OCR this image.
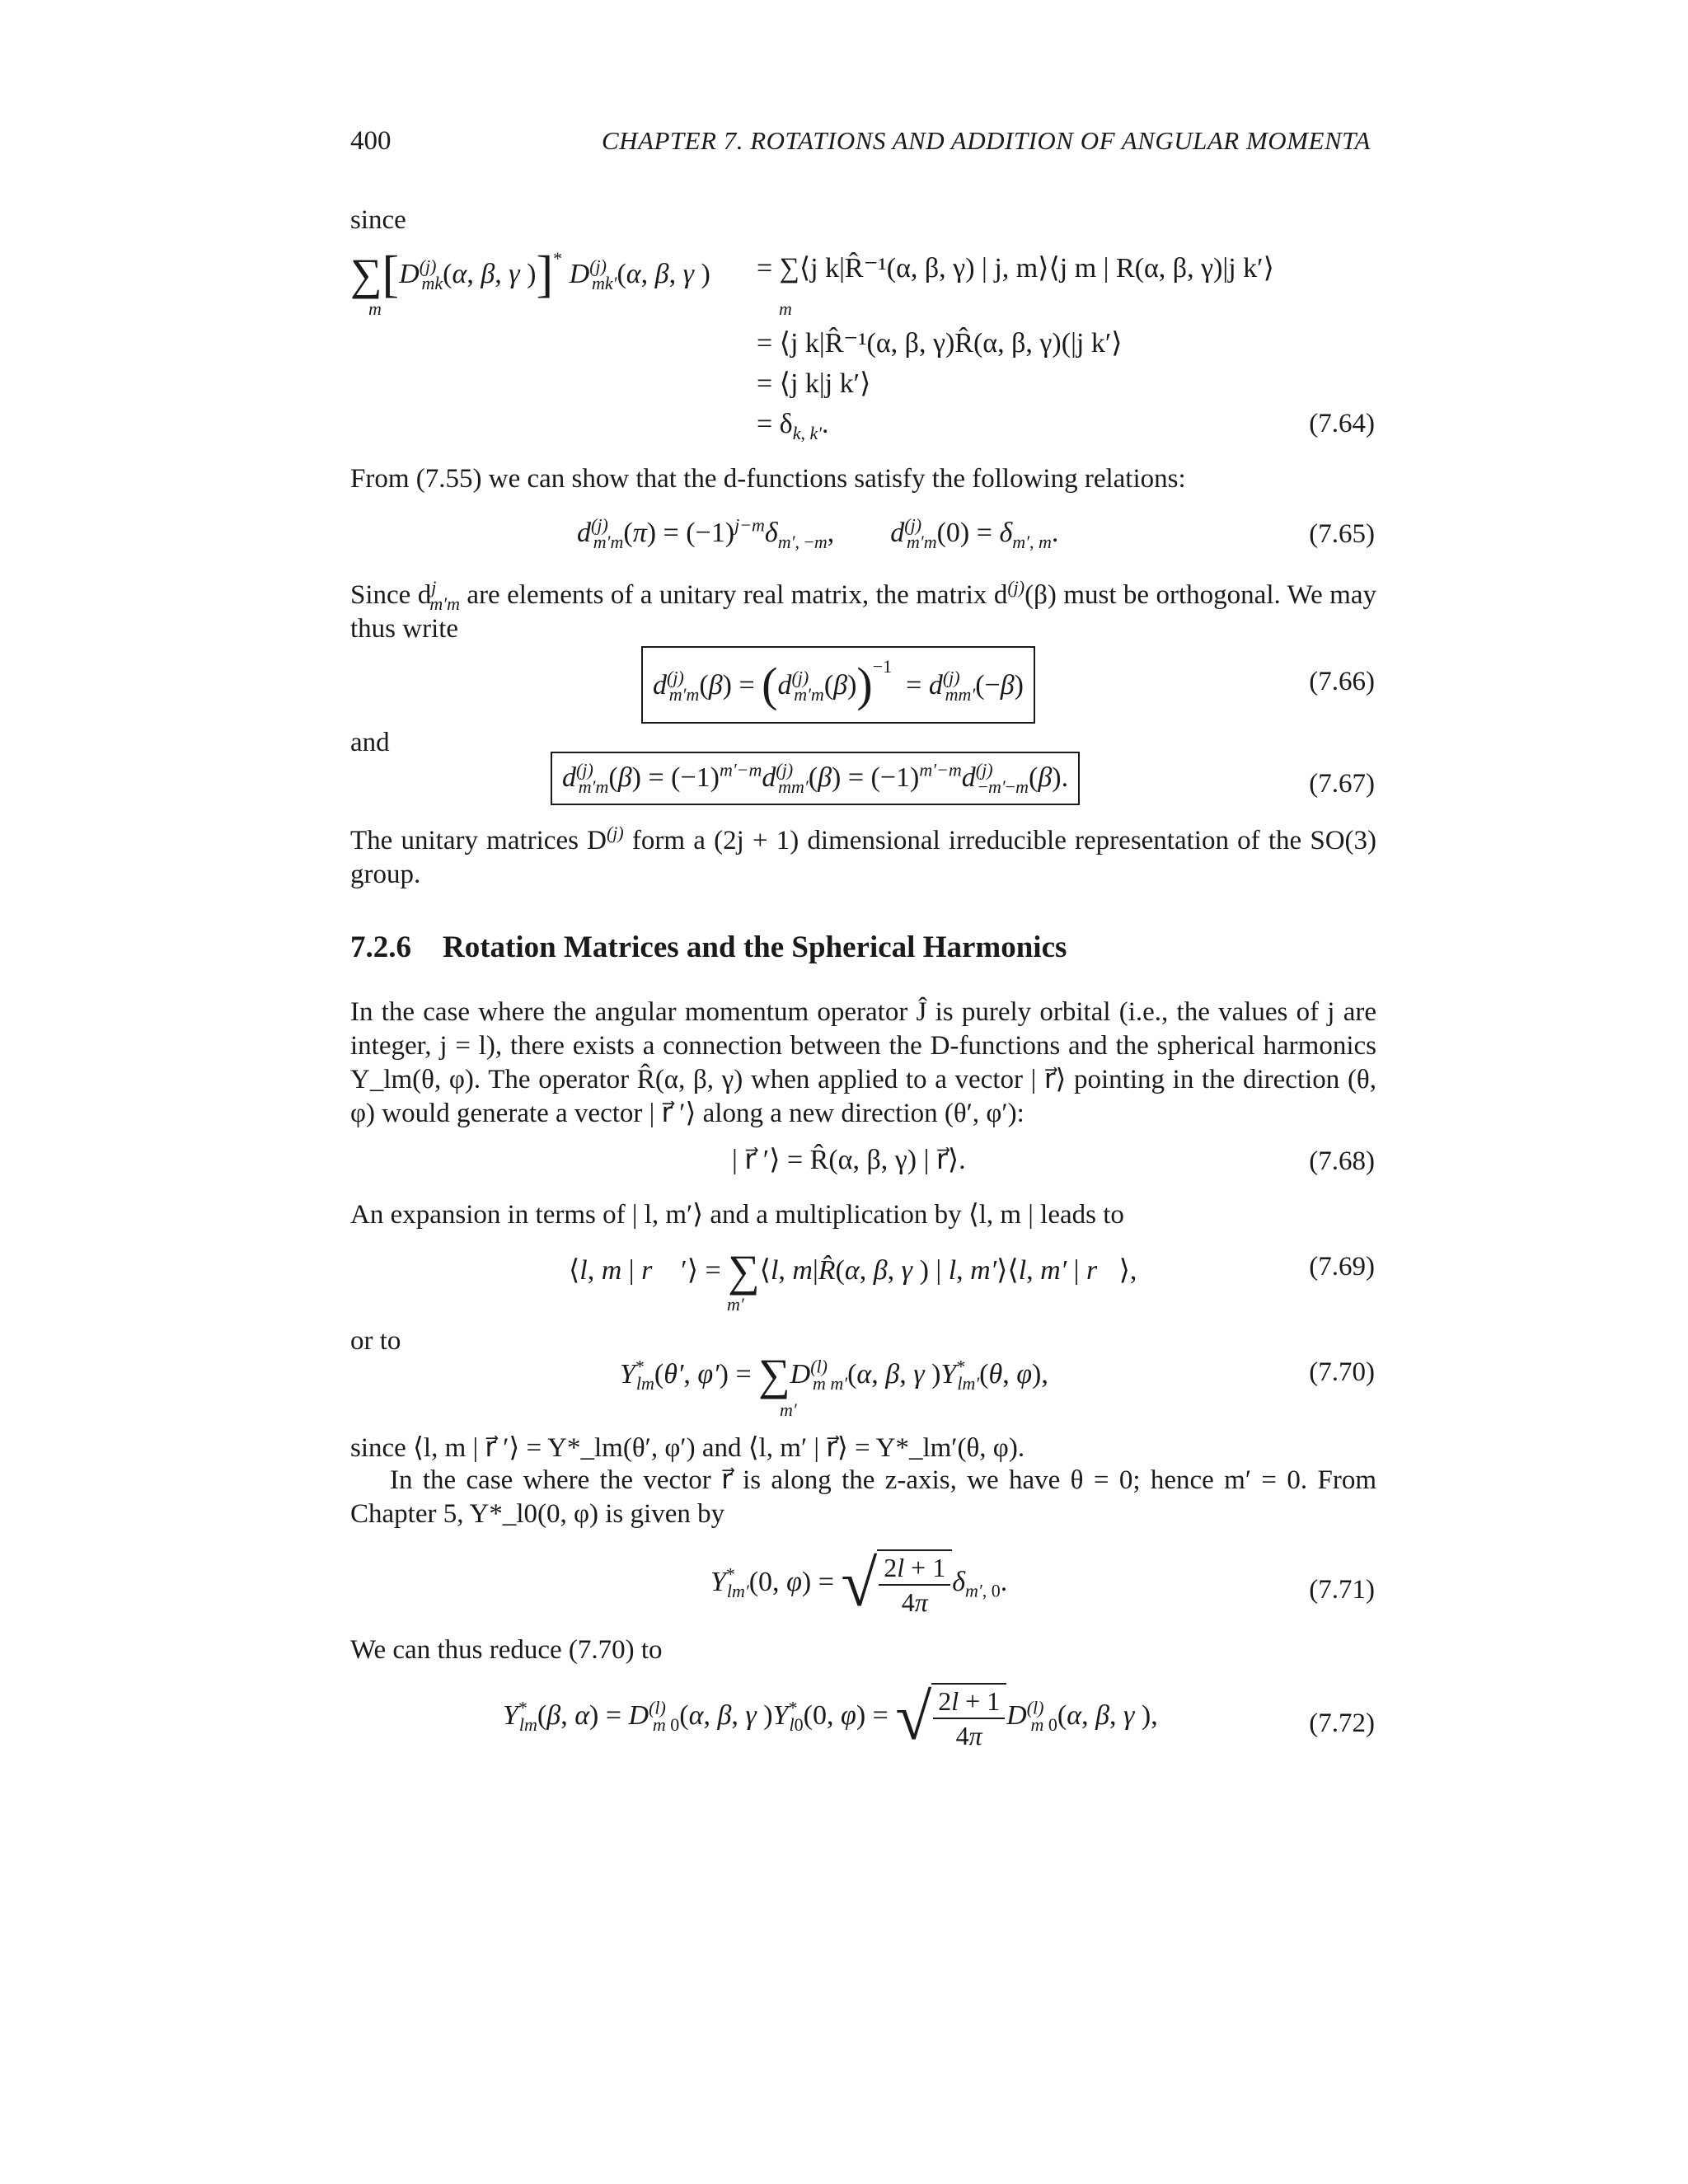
400	CHAPTER 7. ROTATIONS AND ADDITION OF ANGULAR MOMENTA
since
$\sum[D^{(j)}_{mk}(\alpha$, β, γ )]* $D^{(j)}_{mk'}(\alpha$, β, γ )
m
= ∑⟨j k|R̂⁻¹(α, β, γ) | j, m⟩⟨j m | R(α, β, γ)|j k′⟩
m
= ⟨j k|R̂⁻¹(α, β, γ)R̂(α, β, γ)(|j k′⟩
= ⟨j k|j k′⟩
= $\delta_{k, k'}$.	(7.64)
From (7.55) we can show that the d-functions satisfy the following relations:
$d^{(j)}_{m'm}(\pi) = (-1)^{j-m}\delta_{m', -m}$,        $d^{(j)}_{m'm}(0) = \delta_{m', m}$.	(7.65)
Since $d^j_{m'm}$ are elements of a unitary real matrix, the matrix $d^{(j)}(\beta)$ must be orthogonal. We may thus write
$d^{(j)}_{m'm}(\beta) = (d^{(j)}_{m'm}(\beta))^{-1} = d^{(j)}_{mm'}(-\beta)$	(7.66)
and
$d^{(j)}_{m'm}(\beta) = (-1)^{m'-m}d^{(j)}_{mm'}(\beta) = (-1)^{m'-m}d^{(j)}_{-m'-m}(\beta)$.	(7.67)
The unitary matrices $D^{(j)}$ form a (2j + 1) dimensional irreducible representation of the SO(3) group.
7.2.6 Rotation Matrices and the Spherical Harmonics
In the case where the angular momentum operator Ĵ is purely orbital (i.e., the values of j are integer, j = l), there exists a connection between the D-functions and the spherical harmonics Y_lm(θ, φ). The operator R̂(α, β, γ) when applied to a vector | r⃗⟩ pointing in the direction (θ, φ) would generate a vector | r⃗ ′⟩ along a new direction (θ′, φ′):
| r⃗ ′⟩ = R̂(α, β, γ) | r⃗⟩.	(7.68)
An expansion in terms of | l, m′⟩ and a multiplication by ⟨l, m | leads to
⟨l, m | r⃗ ′⟩ = ∑⟨l, m|R̂(α, β, γ ) | l, m′⟩⟨l, m′ | r⃗⟩,
m′
(7.69)
or to
$Y^*_{lm}(\theta'$, $\varphi') = \sum D^{(l)}_{m m'}(\alpha$, β, γ )$Y^*_{lm'}(\theta$, φ),
m′
(7.70)
since ⟨l, m | r⃗ ′⟩ = Y*_lm(θ′, φ′) and ⟨l, m′ | r⃗⟩ = Y*_lm′(θ, φ).
In the case where the vector r⃗ is along the z-axis, we have θ = 0; hence m′ = 0. From Chapter 5, Y*_l0(0, φ) is given by
$Y^*_{lm'}(0$, φ) = √ $\frac{2l + 1}{4\pi} \delta_{m', 0}$.	(7.71)
We can thus reduce (7.70) to
$Y^*_{lm}(\beta$, $\alpha) = D^{(l)}_{m 0}(\alpha$, β, γ )$Y^*_{l0}(0$, φ) = √ $\frac{2l + 1}{4\pi} D^{(l)}_{m 0}(\alpha$, β, γ ),	(7.72)
